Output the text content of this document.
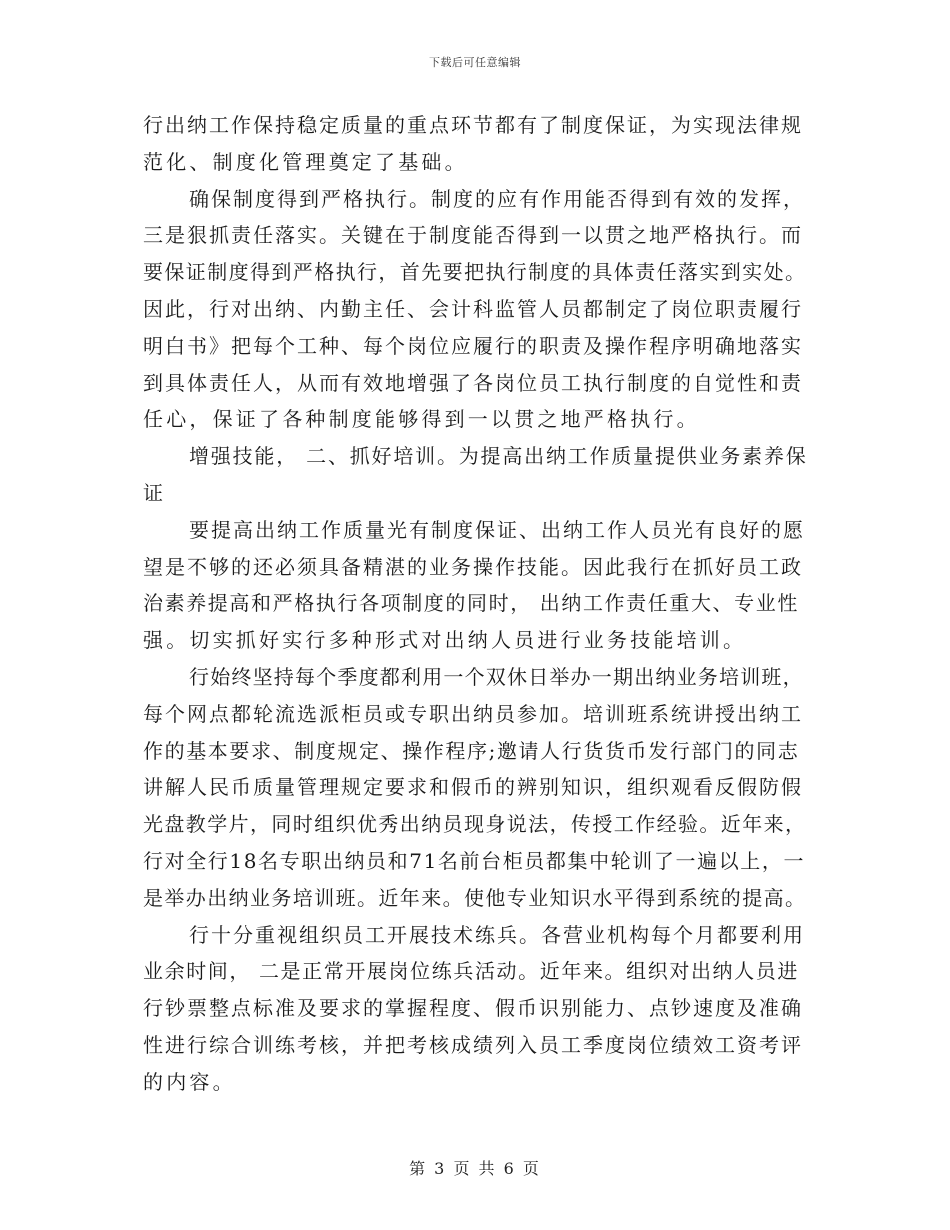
下载后可任意编辑
行出纳工作保持稳定质量的重点环节都有了制度保证，为实现法律规
范化、制度化管理奠定了基础。
确保制度得到严格执行。制度的应有作用能否得到有效的发挥，
三是狠抓责任落实。关键在于制度能否得到一以贯之地严格执行。而
要保证制度得到严格执行，首先要把执行制度的具体责任落实到实处。
因此，行对出纳、内勤主任、会计科监管人员都制定了岗位职责履行
明白书》把每个工种、每个岗位应履行的职责及操作程序明确地落实
到具体责任人，从而有效地增强了各岗位员工执行制度的自觉性和责
任心，保证了各种制度能够得到一以贯之地严格执行。
增强技能， 二、抓好培训。为提高出纳工作质量提供业务素养保
证
要提高出纳工作质量光有制度保证、出纳工作人员光有良好的愿
望是不够的还必须具备精湛的业务操作技能。因此我行在抓好员工政
治素养提高和严格执行各项制度的同时， 出纳工作责任重大、专业性
强。切实抓好实行多种形式对出纳人员进行业务技能培训。
行始终坚持每个季度都利用一个双休日举办一期出纳业务培训班，
每个网点都轮流选派柜员或专职出纳员参加。培训班系统讲授出纳工
作的基本要求、制度规定、操作程序;邀请人行货货币发行部门的同志
讲解人民币质量管理规定要求和假币的辨别知识，组织观看反假防假
光盘教学片，同时组织优秀出纳员现身说法，传授工作经验。近年来，
行对全行18名专职出纳员和71名前台柜员都集中轮训了一遍以上，一
是举办出纳业务培训班。近年来。使他专业知识水平得到系统的提高。
行十分重视组织员工开展技术练兵。各营业机构每个月都要利用
业余时间， 二是正常开展岗位练兵活动。近年来。组织对出纳人员进
行钞票整点标准及要求的掌握程度、假币识别能力、点钞速度及准确
性进行综合训练考核，并把考核成绩列入员工季度岗位绩效工资考评
的内容。
第 3 页 共 6 页
